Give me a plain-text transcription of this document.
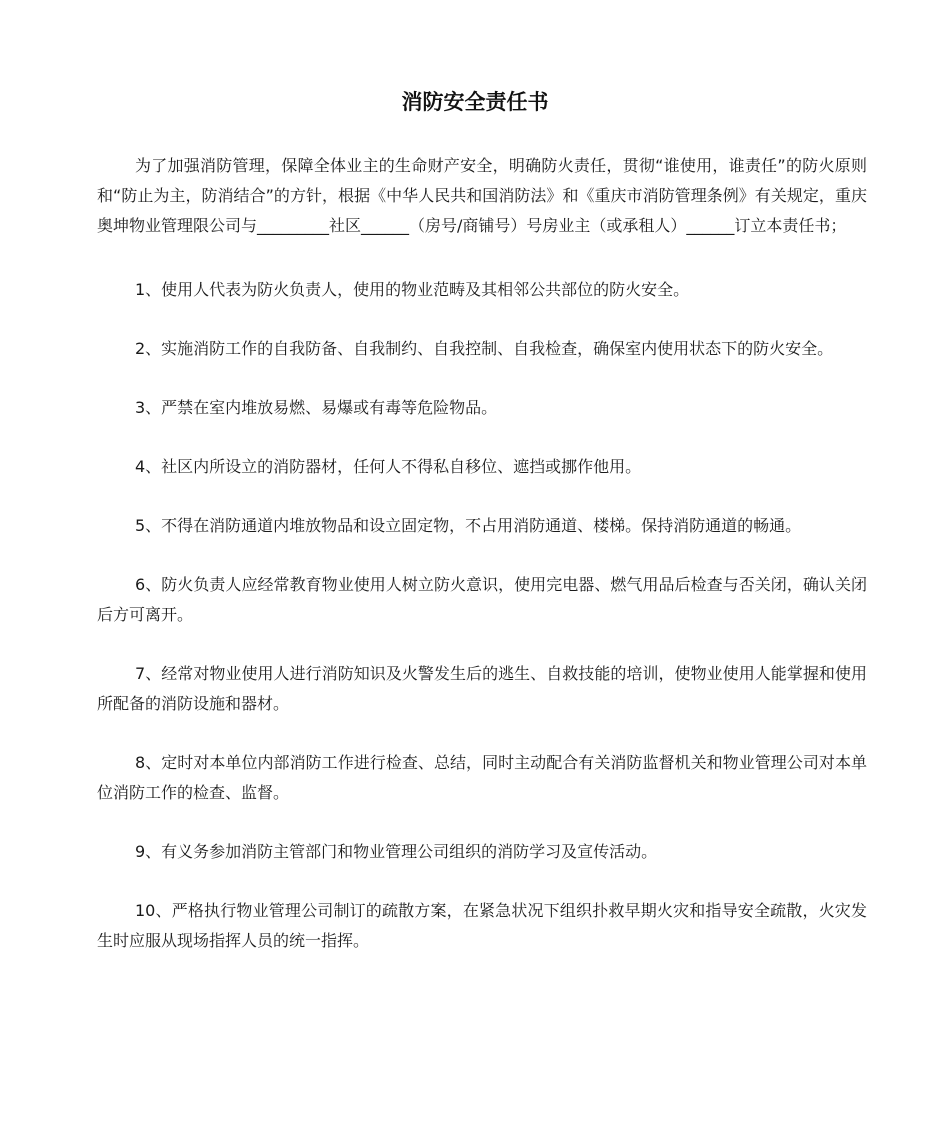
消防安全责任书

为了加强消防管理，保障全体业主的生命财产安全，明确防火责任，贯彻“谁使用，谁责任”的防火原则和“防止为主，防消结合”的方针，根据《中华人民共和国消防法》和《重庆市消防管理条例》有关规定，重庆奥坤物业管理限公司与_________社区______（房号/商铺号）号房业主（或承租人）______订立本责任书；

1、使用人代表为防火负责人，使用的物业范畴及其相邻公共部位的防火安全。

2、实施消防工作的自我防备、自我制约、自我控制、自我检查，确保室内使用状态下的防火安全。

3、严禁在室内堆放易燃、易爆或有毒等危险物品。

4、社区内所设立的消防器材，任何人不得私自移位、遮挡或挪作他用。

5、不得在消防通道内堆放物品和设立固定物，不占用消防通道、楼梯。保持消防通道的畅通。

6、防火负责人应经常教育物业使用人树立防火意识，使用完电器、燃气用品后检查与否关闭，确认关闭后方可离开。

7、经常对物业使用人进行消防知识及火警发生后的逃生、自救技能的培训，使物业使用人能掌握和使用所配备的消防设施和器材。

8、定时对本单位内部消防工作进行检查、总结，同时主动配合有关消防监督机关和物业管理公司对本单位消防工作的检查、监督。

9、有义务参加消防主管部门和物业管理公司组织的消防学习及宣传活动。

10、严格执行物业管理公司制订的疏散方案，在紧急状况下组织扑救早期火灾和指导安全疏散，火灾发生时应服从现场指挥人员的统一指挥。
